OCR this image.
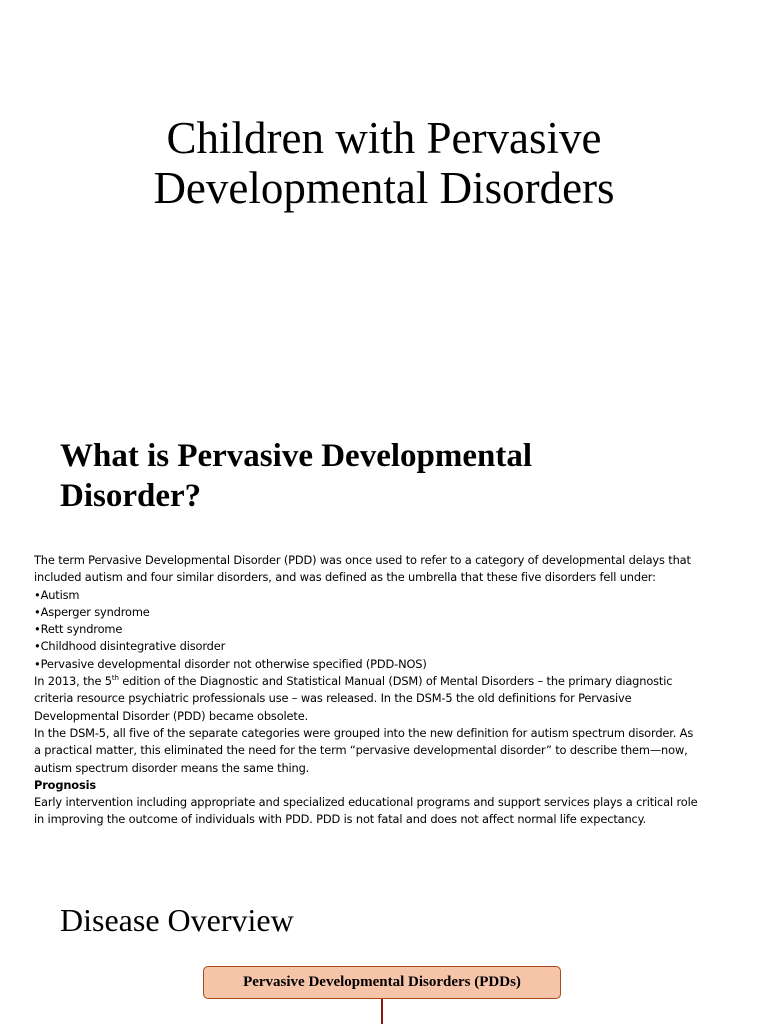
Children with Pervasive
Developmental Disorders
What is Pervasive Developmental
Disorder?
The term Pervasive Developmental Disorder (PDD) was once used to refer to a category of developmental delays that
included autism and four similar disorders, and was defined as the umbrella that these five disorders fell under:
•Autism
•Asperger syndrome
•Rett syndrome
•Childhood disintegrative disorder
•Pervasive developmental disorder not otherwise specified (PDD-NOS)
In 2013, the 5th edition of the Diagnostic and Statistical Manual (DSM) of Mental Disorders – the primary diagnostic
criteria resource psychiatric professionals use – was released. In the DSM-5 the old definitions for Pervasive
Developmental Disorder (PDD) became obsolete.
In the DSM-5, all five of the separate categories were grouped into the new definition for autism spectrum disorder. As
a practical matter, this eliminated the need for the term “pervasive developmental disorder” to describe them—now,
autism spectrum disorder means the same thing.
Prognosis
Early intervention including appropriate and specialized educational programs and support services plays a critical role
in improving the outcome of individuals with PDD. PDD is not fatal and does not affect normal life expectancy.
Disease Overview
Pervasive Developmental Disorders (PDDs)
